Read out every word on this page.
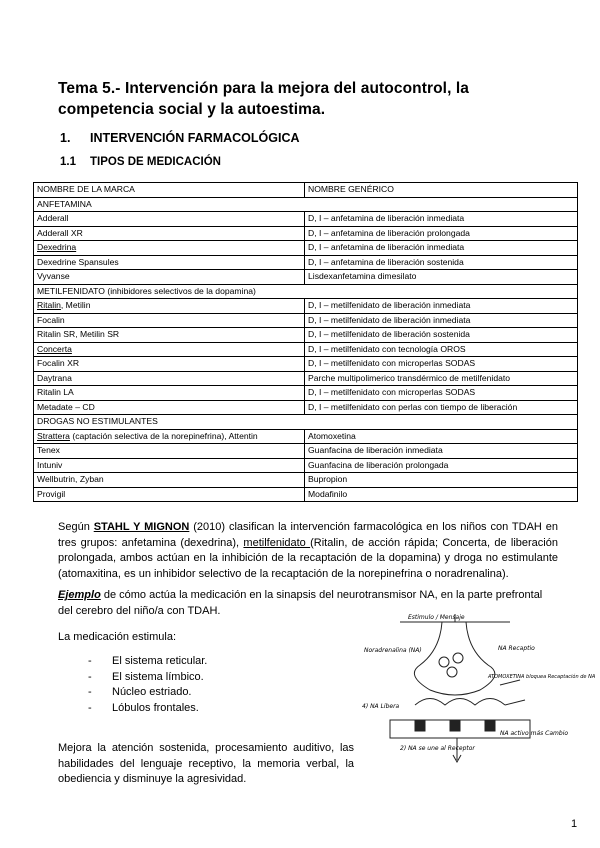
Tema 5.- Intervención para la mejora del autocontrol, la competencia social y la autoestima.
1. INTERVENCIÓN FARMACOLÓGICA
1.1 TIPOS DE MEDICACIÓN
NOMBRE DE LA MARCA	NOMBRE GENÉRICO
ANFETAMINA	
Adderall	D, I – anfetamina de liberación inmediata
Adderall XR	D, I – anfetamina de liberación prolongada
Dexedrina	D, I – anfetamina de liberación inmediata
Dexedrine Spansules	D, I – anfetamina de liberación sostenida
Vyvanse	Lisdexanfetamina dimesilato
METILFENIDATO (inhibidores selectivos de la dopamina)	
Ritalin, Metilin	D, I – metilfenidato de liberación inmediata
Focalin	D, I – metilfenidato de liberación inmediata
Ritalin SR, Metilin SR	D, I – metilfenidato de liberación sostenida
Concerta	D, I – metilfenidato con tecnología OROS
Focalin XR	D, I – metilfenidato con microperlas SODAS
Daytrana	Parche multipolimerico transdérmico de metilfenidato
Ritalin LA	D, I – metilfenidato con microperlas SODAS
Metadate – CD	D, I – metilfenidato con perlas con tiempo de liberación
DROGAS NO ESTIMULANTES	
Strattera (captación selectiva de la norepinefrina), Attentin	Atomoxetina
Tenex	Guanfacina de liberación inmediata
Intuniv	Guanfacina de liberación prolongada
Wellbutrin, Zyban	Bupropion
Provigil	Modafinilo
Según STAHL Y MIGNON (2010) clasifican la intervención farmacológica en los niños con TDAH en tres grupos: anfetamina (dexedrina), metilfenidato (Ritalin, de acción rápida; Concerta, de liberación prolongada, ambos actúan en la inhibición de la recaptación de la dopamina) y droga no estimulante (atomaxitina, es un inhibidor selectivo de la recaptación de la norepinefrina o noradrenalina).
Ejemplo de cómo actúa la medicación en la sinapsis del neurotransmisor NA, en la parte prefrontal del cerebro del niño/a con TDAH.
La medicación estimula:
- El sistema reticular.
- El sistema límbico.
- Núcleo estriado.
- Lóbulos frontales.
Mejora la atención sostenida, procesamiento auditivo, las habilidades del lenguaje receptivo, la memoria verbal, la obediencia y disminuye la agresividad.
Estimulo / Mensaje
Noradrenalina (NA)	NA Recaptio
ATOMOXETINA bloquea Recaptación de NA
4) NA Libera
2) NA se une al Receptor
NA activo más Cambio
1
